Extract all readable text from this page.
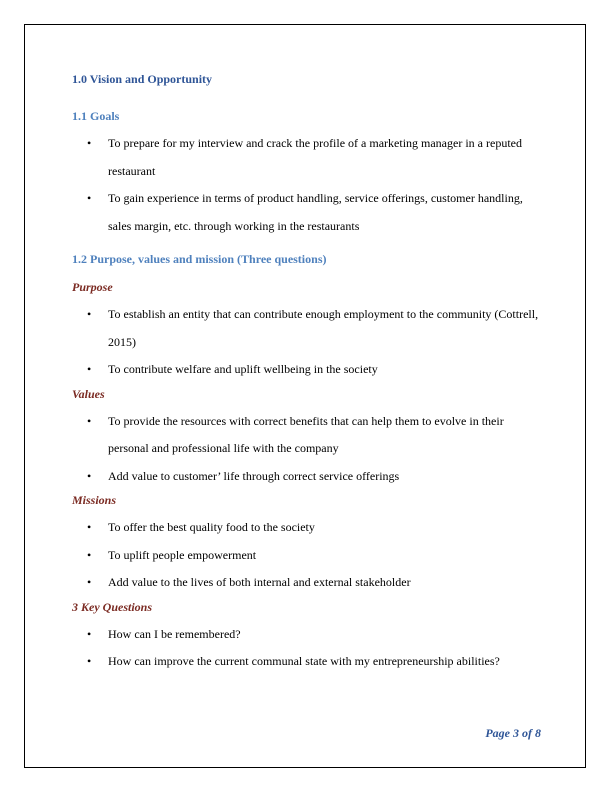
1.0 Vision and Opportunity

1.1 Goals

• To prepare for my interview and crack the profile of a marketing manager in a reputed restaurant
• To gain experience in terms of product handling, service offerings, customer handling, sales margin, etc. through working in the restaurants

1.2 Purpose, values and mission (Three questions)

Purpose

• To establish an entity that can contribute enough employment to the community (Cottrell, 2015)
• To contribute welfare and uplift wellbeing in the society

Values

• To provide the resources with correct benefits that can help them to evolve in their personal and professional life with the company
• Add value to customer’ life through correct service offerings

Missions

• To offer the best quality food to the society
• To uplift people empowerment
• Add value to the lives of both internal and external stakeholder

3 Key Questions

• How can I be remembered?
• How can improve the current communal state with my entrepreneurship abilities?
Page 3 of 8
